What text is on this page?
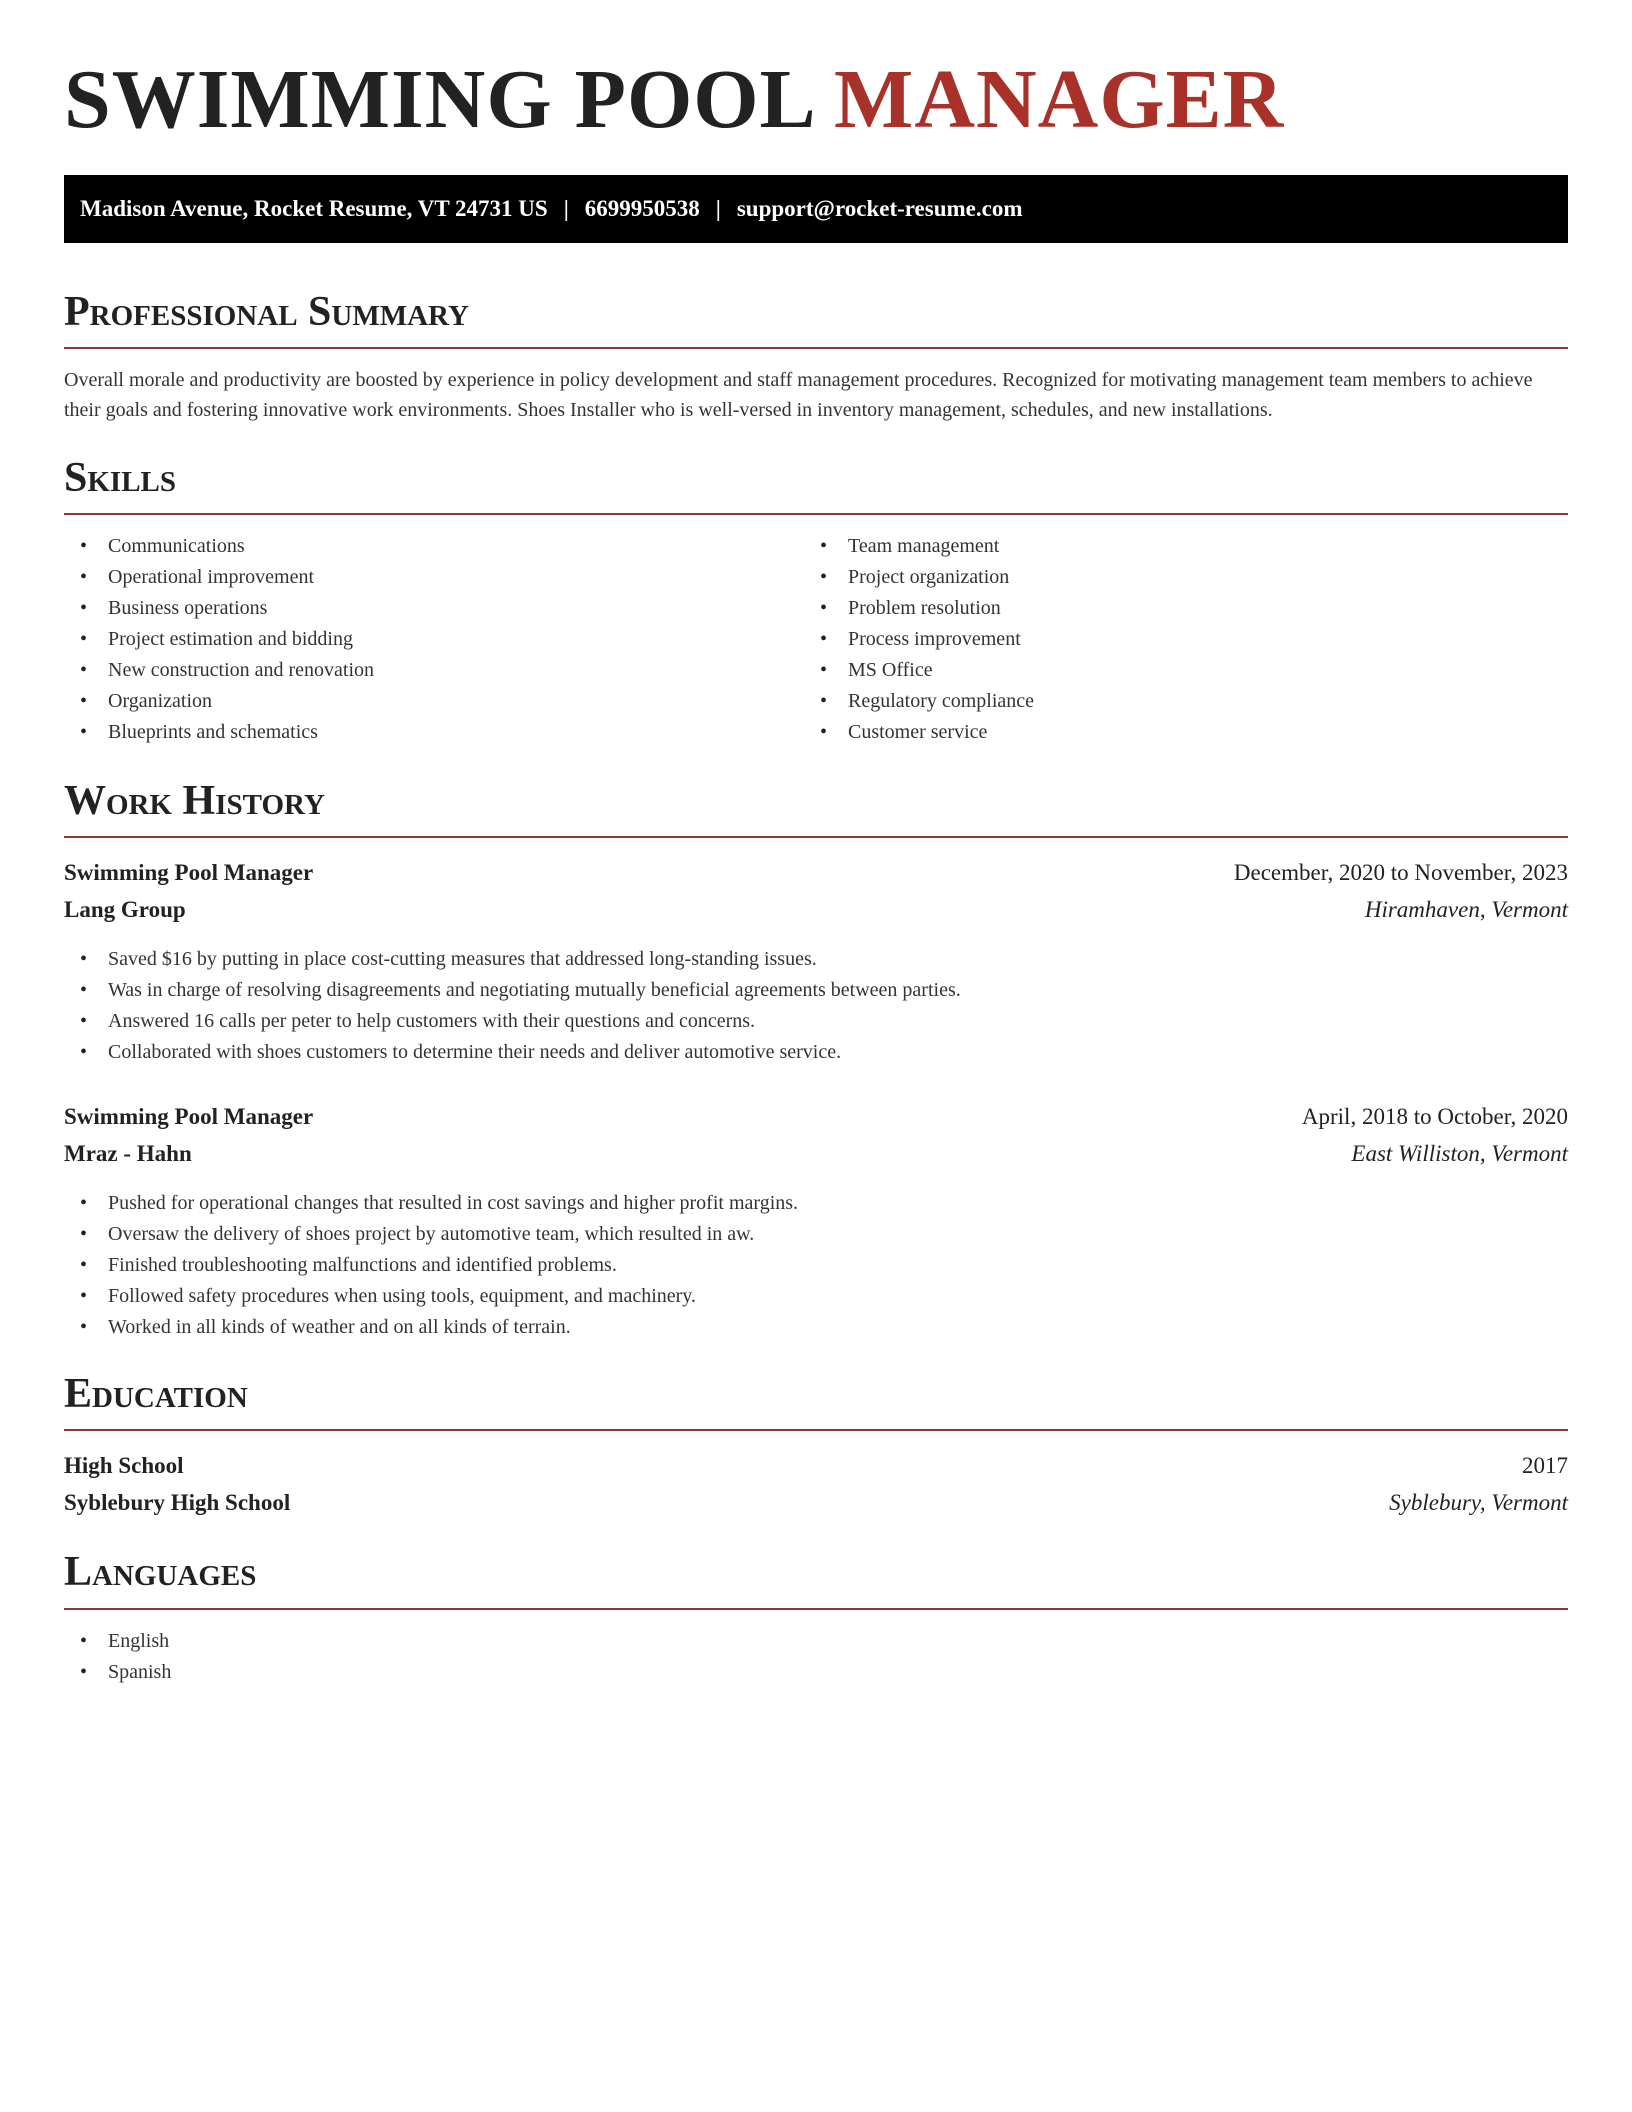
SWIMMING POOL MANAGER
Madison Avenue, Rocket Resume, VT 24731 US | 6699950538 | support@rocket-resume.com
Professional Summary

Overall morale and productivity are boosted by experience in policy development and staff management procedures. Recognized for motivating management team members to achieve their goals and fostering innovative work environments. Shoes Installer who is well-versed in inventory management, schedules, and new installations.

Skills
• Communications
• Operational improvement
• Business operations
• Project estimation and bidding
• New construction and renovation
• Organization
• Blueprints and schematics
• Team management
• Project organization
• Problem resolution
• Process improvement
• MS Office
• Regulatory compliance
• Customer service
Work History
Swimming Pool Manager	December, 2020 to November, 2023
Lang Group	Hiramhaven, Vermont
• Saved $16 by putting in place cost-cutting measures that addressed long-standing issues.
• Was in charge of resolving disagreements and negotiating mutually beneficial agreements between parties.
• Answered 16 calls per peter to help customers with their questions and concerns.
• Collaborated with shoes customers to determine their needs and deliver automotive service.
Swimming Pool Manager	April, 2018 to October, 2020
Mraz - Hahn	East Williston, Vermont
• Pushed for operational changes that resulted in cost savings and higher profit margins.
• Oversaw the delivery of shoes project by automotive team, which resulted in aw.
• Finished troubleshooting malfunctions and identified problems.
• Followed safety procedures when using tools, equipment, and machinery.
• Worked in all kinds of weather and on all kinds of terrain.
Education
High School	2017
Syblebury High School	Syblebury, Vermont
Languages
• English
• Spanish
